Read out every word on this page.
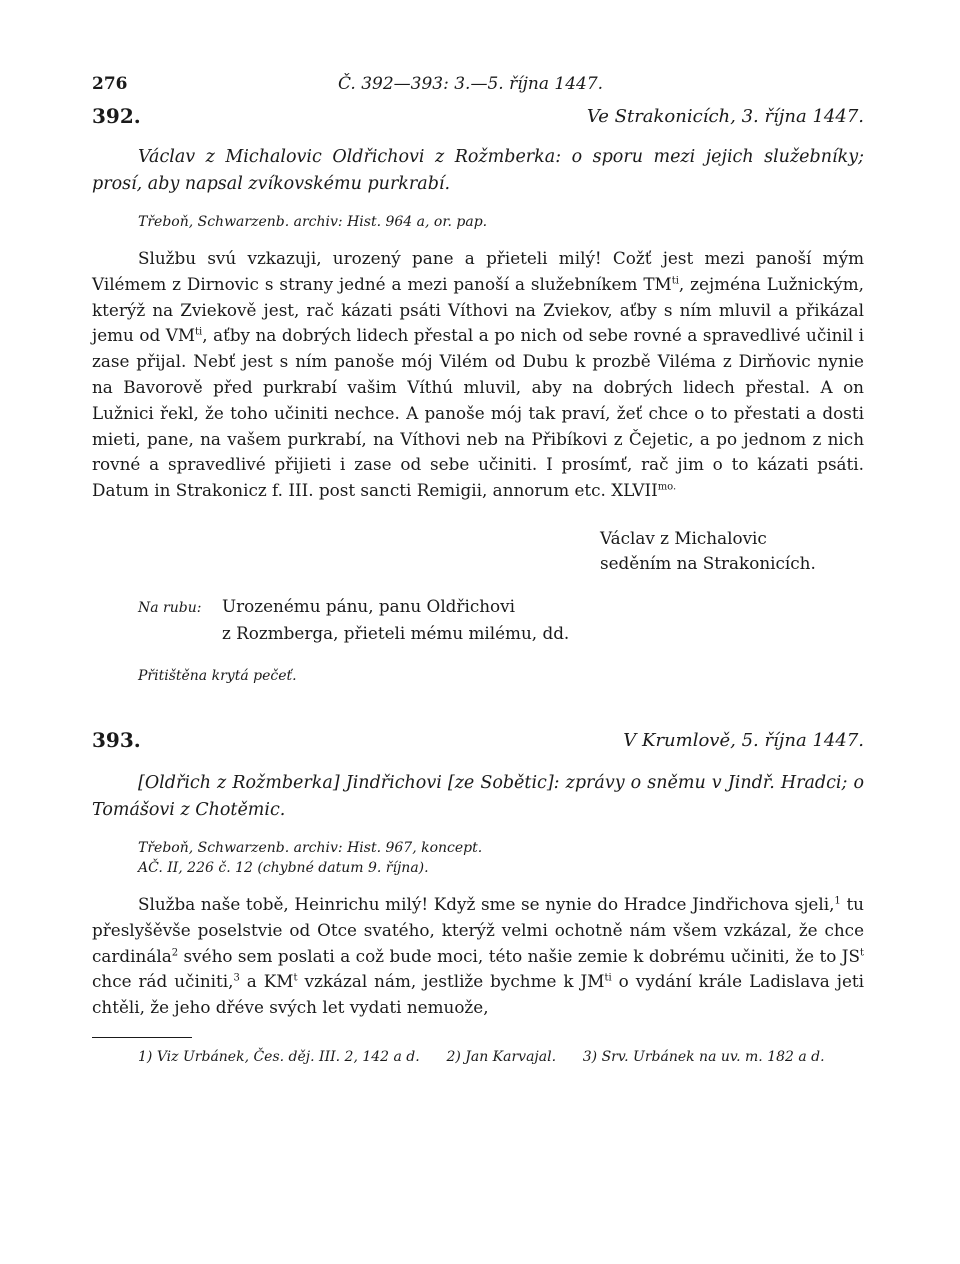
276	Č. 392—393: 3.—5. října 1447.
392.	Ve Strakonicích, 3. října 1447.

Václav z Michalovic Oldřichovi z Rožmberka: o sporu mezi jejich služebníky; prosí, aby napsal zvíkovskému purkrabí.

Třeboň, Schwarzenb. archiv: Hist. 964 a, or. pap.

Službu svú vzkazuji, urozený pane a přieteli milý! Cožť jest mezi panoší mým Vilémem z Dirnovic s strany jedné a mezi panoší a služebníkem $TM^{ti}$, zejména Lužnickým, kterýž na Zviekově jest, rač kázati psáti Víthovi na Zviekov, aťby s ním mluvil a přikázal jemu od $VM^{ti}$, aťby na dobrých lidech přestal a po nich od sebe rovné a spravedlivé učinil i zase přijal. Nebť jest s ním panoše mój Vilém od Dubu k prozbě Viléma z Dirňovic nynie na Bavorově před purkrabí vašim Víthú mluvil, aby na dobrých lidech přestal. A on Lužnici řekl, že toho učiniti nechce. A panoše mój tak praví, žeť chce o to přestati a dosti mieti, pane, na vašem purkrabí, na Víthovi neb na Přibíkovi z Čejetic, a po jednom z nich rovné a spravedlivé přijieti i zase od sebe učiniti. I prosímť, rač jim o to kázati psáti. Datum in Strakonicz f. III. post sancti Remigii, annorum etc. $XLVII^{mo.}$

Václav z Michalovic
seděním na Strakonicích.
Na rubu: Urozenému pánu, panu Oldřichovi
z Rozmberga, přieteli mému milému, dd.
Přitištěna krytá pečeť.
393.	V Krumlově, 5. října 1447.

[Oldřich z Rožmberka] Jindřichovi [ze Sobětic]: zprávy o sněmu v Jindř. Hradci; o Tomášovi z Chotěmic.

Třeboň, Schwarzenb. archiv: Hist. 967, koncept.
AČ. II, 226 č. 12 (chybné datum 9. října).

Služba naše tobě, Heinrichu milý! Když sme se nynie do Hradce Jindřichova sjeli,$^1$ tu přeslyšěvše poselstvie od Otce svatého, kterýž velmi ochotně nám všem vzkázal, že chce cardinála$^2$ svého sem poslati a což bude moci, této našie zemie k dobrému učiniti, že to $JS^t$ chce rád učiniti,$^3$ a $KM^t$ vzkázal nám, jestliže bychme k $JM^{ti}$ o vydání krále Ladislava jeti chtěli, že jeho dřéve svých let vydati nemuože,

1) Viz Urbánek, Čes. děj. III. 2, 142 a d. 2) Jan Karvajal. 3) Srv. Urbánek na uv. m. 182 a d.
